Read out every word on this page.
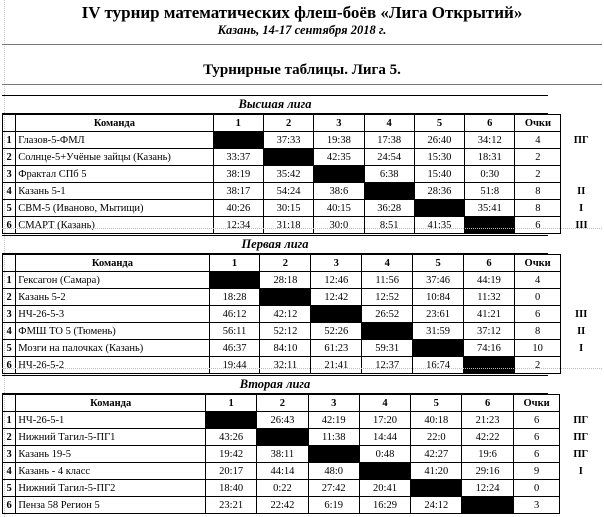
IV турнир математических флеш-боёв «Лига Открытий»
Казань, 14-17 сентября 2018 г.
Турнирные таблицы. Лига 5.
Высшая лига
	Команда	1	2	3	4	5	6	Очки	
1	Глазов-5-ФМЛ		37:33	19:38	17:38	26:40	34:12	4	ПГ
2	Солнце-5+Учёные зайцы (Казань)	33:37		42:35	24:54	15:30	18:31	2	
3	Фрактал СПб 5	38:19	35:42		6:38	15:40	0:30	2	
4	Казань 5-1	38:17	54:24	38:6		28:36	51:8	8	II
5	СВМ-5 (Иваново, Мытищи)	40:26	30:15	40:15	36:28		35:41	8	I
6	СМАРТ (Казань)	12:34	31:18	30:0	8:51	41:35		6	III
Первая лига
	Команда	1	2	3	4	5	6	Очки	
1	Гексагон (Самара)		28:18	12:46	11:56	37:46	44:19	4	
2	Казань 5-2	18:28		12:42	12:52	10:84	11:32	0	
3	НЧ-26-5-3	46:12	42:12		26:52	23:61	41:21	6	III
4	ФМШ ТО 5 (Тюмень)	56:11	52:12	52:26		31:59	37:12	8	II
5	Мозги на палочках (Казань)	46:37	84:10	61:23	59:31		74:16	10	I
6	НЧ-26-5-2	19:44	32:11	21:41	12:37	16:74		2	
Вторая лига
	Команда	1	2	3	4	5	6	Очки	
1	НЧ-26-5-1		26:43	42:19	17:20	40:18	21:23	6	ПГ
2	Нижний Тагил-5-ПГ1	43:26		11:38	14:44	22:0	42:22	6	ПГ
3	Казань 19-5	19:42	38:11		0:48	42:27	19:6	6	ПГ
4	Казань - 4 класс	20:17	44:14	48:0		41:20	29:16	9	I
5	Нижний Тагил-5-ПГ2	18:40	0:22	27:42	20:41		12:24	0	
6	Пенза 58 Регион 5	23:21	22:42	6:19	16:29	24:12		3	
